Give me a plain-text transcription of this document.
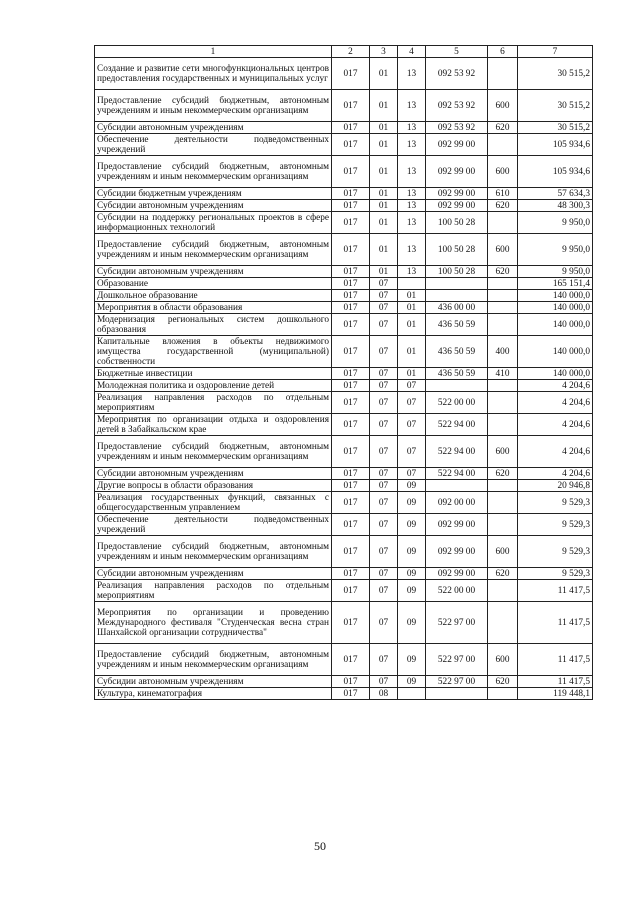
1	2	3	4	5	6	7
Создание и развитие сети многофункциональных центров предоставления государственных и муниципальных услуг	017	01	13	092 53 92		30 515,2
Предоставление субсидий бюджетным, автономным учреждениям и иным некоммерческим организациям	017	01	13	092 53 92	600	30 515,2
Субсидии автономным учреждениям	017	01	13	092 53 92	620	30 515,2
Обеспечение деятельности подведомственных учреждений	017	01	13	092 99 00		105 934,6
Предоставление субсидий бюджетным, автономным учреждениям и иным некоммерческим организациям	017	01	13	092 99 00	600	105 934,6
Субсидии бюджетным учреждениям	017	01	13	092 99 00	610	57 634,3
Субсидии автономным учреждениям	017	01	13	092 99 00	620	48 300,3
Субсидии на поддержку региональных проектов в сфере информационных технологий	017	01	13	100 50 28		9 950,0
Предоставление субсидий бюджетным, автономным учреждениям и иным некоммерческим организациям	017	01	13	100 50 28	600	9 950,0
Субсидии автономным учреждениям	017	01	13	100 50 28	620	9 950,0
Образование	017	07				165 151,4
Дошкольное образование	017	07	01			140 000,0
Мероприятия в области образования	017	07	01	436 00 00		140 000,0
Модернизация региональных систем дошкольного образования	017	07	01	436 50 59		140 000,0
Капитальные вложения в объекты недвижимого имущества государственной (муниципальной) собственности	017	07	01	436 50 59	400	140 000,0
Бюджетные инвестиции	017	07	01	436 50 59	410	140 000,0
Молодежная политика и оздоровление детей	017	07	07			4 204,6
Реализация направления расходов по отдельным мероприятиям	017	07	07	522 00 00		4 204,6
Мероприятия по организации отдыха и оздоровления детей в Забайкальском крае	017	07	07	522 94 00		4 204,6
Предоставление субсидий бюджетным, автономным учреждениям и иным некоммерческим организациям	017	07	07	522 94 00	600	4 204,6
Субсидии автономным учреждениям	017	07	07	522 94 00	620	4 204,6
Другие вопросы в области образования	017	07	09			20 946,8
Реализация государственных функций, связанных с общегосударственным управлением	017	07	09	092 00 00		9 529,3
Обеспечение деятельности подведомственных учреждений	017	07	09	092 99 00		9 529,3
Предоставление субсидий бюджетным, автономным учреждениям и иным некоммерческим организациям	017	07	09	092 99 00	600	9 529,3
Субсидии автономным учреждениям	017	07	09	092 99 00	620	9 529,3
Реализация направления расходов по отдельным мероприятиям	017	07	09	522 00 00		11 417,5
Мероприятия по организации и проведению Международного фестиваля "Студенческая весна стран Шанхайской организации сотрудничества"	017	07	09	522 97 00		11 417,5
Предоставление субсидий бюджетным, автономным учреждениям и иным некоммерческим организациям	017	07	09	522 97 00	600	11 417,5
Субсидии автономным учреждениям	017	07	09	522 97 00	620	11 417,5
Культура, кинематография	017	08				119 448,1
50
